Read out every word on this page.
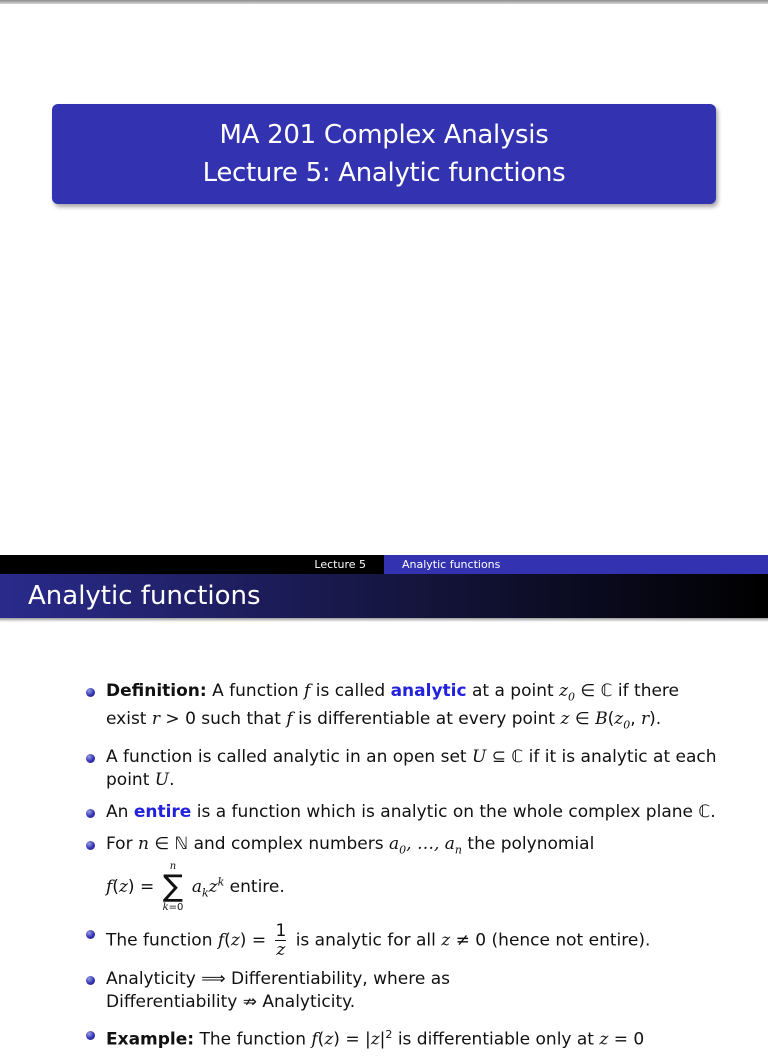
MA 201 Complex Analysis
Lecture 5: Analytic functions
Lecture 5	Analytic functions
Analytic functions
Definition: A function f is called analytic at a point $z_0$ ∈ ℂ if there exist r > 0 such that f is differentiable at every point z ∈ $B(z_0$, r).
A function is called analytic in an open set U ⊆ ℂ if it is analytic at each point U.
An entire is a function which is analytic on the whole complex plane ℂ.
For n ∈ ℕ and complex numbers $a_0$, …, $a_n$ the polynomial
f(z) =
n
∑
k=0
$a_kz^k$ entire.
The function $f(z) = \frac{1}{z}$ is analytic for all z ≠ 0 (hence not entire).
Analyticity ⟹ Differentiability, where as
Differentiability ⇏ Analyticity.
Example: The function $f(z) = |z|^2$ is differentiable only at z = 0
